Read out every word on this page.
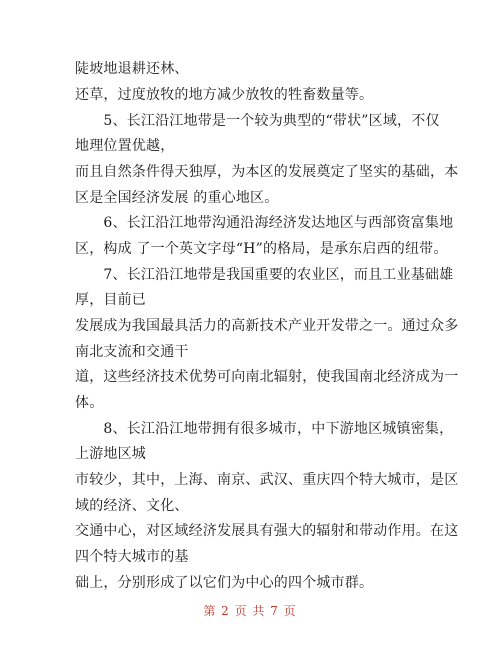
陡坡地退耕还林、
还草，过度放牧的地方减少放牧的牲畜数量等。
　　5、长江沿江地带是一个较为典型的“带状”区域，不仅
地理位置优越，
而且自然条件得天独厚，为本区的发展奠定了坚实的基础，本
区是全国经济发展 的重心地区。
　　6、长江沿江地带沟通沿海经济发达地区与西部资富集地
区，构成 了一个英文字母“H”的格局，是承东启西的纽带。
　　7、长江沿江地带是我国重要的农业区，而且工业基础雄
厚，目前已
发展成为我国最具活力的高新技术产业开发带之一。通过众多
南北支流和交通干
道，这些经济技术优势可向南北辐射，使我国南北经济成为一
体。
　　8、长江沿江地带拥有很多城市，中下游地区城镇密集，
上游地区城
市较少，其中，上海、南京、武汉、重庆四个特大城市，是区
域的经济、文化、
交通中心，对区域经济发展具有强大的辐射和带动作用。在这
四个特大城市的基
础上，分别形成了以它们为中心的四个城市群。
第 2 页 共 7 页
